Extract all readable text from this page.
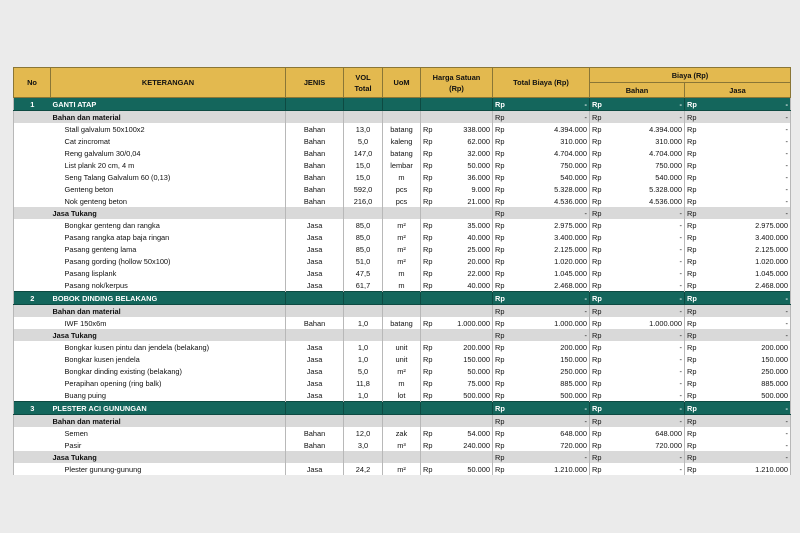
No	KETERANGAN	JENIS	VOL
Total	UoM	Harga Satuan
(Rp)		Total Biaya (Rp)		Biaya (Rp)			
									Bahan		Jasa	
1	GANTI ATAP						Rp	-	Rp	-	Rp	-
	Bahan dan material						Rp	-	Rp	-	Rp	-
	Stall galvalum 50x100x2	Bahan	13,0	batang	Rp	338.000	Rp	4.394.000	Rp	4.394.000	Rp	-
	Cat zincromat	Bahan	5,0	kaleng	Rp	62.000	Rp	310.000	Rp	310.000	Rp	-
	Reng galvalum 30/0,04	Bahan	147,0	batang	Rp	32.000	Rp	4.704.000	Rp	4.704.000	Rp	-
	List plank 20 cm, 4 m	Bahan	15,0	lembar	Rp	50.000	Rp	750.000	Rp	750.000	Rp	-
	Seng Talang Galvalum 60 (0,13)	Bahan	15,0	m	Rp	36.000	Rp	540.000	Rp	540.000	Rp	-
	Genteng beton	Bahan	592,0	pcs	Rp	9.000	Rp	5.328.000	Rp	5.328.000	Rp	-
	Nok genteng beton	Bahan	216,0	pcs	Rp	21.000	Rp	4.536.000	Rp	4.536.000	Rp	-
	Jasa Tukang						Rp	-	Rp	-	Rp	-
	Bongkar genteng dan rangka	Jasa	85,0	m²	Rp	35.000	Rp	2.975.000	Rp	-	Rp	2.975.000
	Pasang rangka atap baja ringan	Jasa	85,0	m²	Rp	40.000	Rp	3.400.000	Rp	-	Rp	3.400.000
	Pasang genteng lama	Jasa	85,0	m²	Rp	25.000	Rp	2.125.000	Rp	-	Rp	2.125.000
	Pasang gording (hollow 50x100)	Jasa	51,0	m²	Rp	20.000	Rp	1.020.000	Rp	-	Rp	1.020.000
	Pasang lisplank	Jasa	47,5	m	Rp	22.000	Rp	1.045.000	Rp	-	Rp	1.045.000
	Pasang nok/kerpus	Jasa	61,7	m	Rp	40.000	Rp	2.468.000	Rp	-	Rp	2.468.000
2	BOBOK DINDING BELAKANG						Rp	-	Rp	-	Rp	-
	Bahan dan material						Rp	-	Rp	-	Rp	-
	IWF 150x6m	Bahan	1,0	batang	Rp	1.000.000	Rp	1.000.000	Rp	1.000.000	Rp	-
	Jasa Tukang						Rp	-	Rp	-	Rp	-
	Bongkar kusen pintu dan jendela (belakang)	Jasa	1,0	unit	Rp	200.000	Rp	200.000	Rp	-	Rp	200.000
	Bongkar kusen jendela	Jasa	1,0	unit	Rp	150.000	Rp	150.000	Rp	-	Rp	150.000
	Bongkar dinding existing (belakang)	Jasa	5,0	m²	Rp	50.000	Rp	250.000	Rp	-	Rp	250.000
	Perapihan opening (ring balk)	Jasa	11,8	m	Rp	75.000	Rp	885.000	Rp	-	Rp	885.000
	Buang puing	Jasa	1,0	lot	Rp	500.000	Rp	500.000	Rp	-	Rp	500.000
3	PLESTER ACI GUNUNGAN						Rp	-	Rp	-	Rp	-
	Bahan dan material						Rp	-	Rp	-	Rp	-
	Semen	Bahan	12,0	zak	Rp	54.000	Rp	648.000	Rp	648.000	Rp	-
	Pasir	Bahan	3,0	m³	Rp	240.000	Rp	720.000	Rp	720.000	Rp	-
	Jasa Tukang						Rp	-	Rp	-	Rp	-
	Plester gunung-gunung	Jasa	24,2	m²	Rp	50.000	Rp	1.210.000	Rp	-	Rp	1.210.000
